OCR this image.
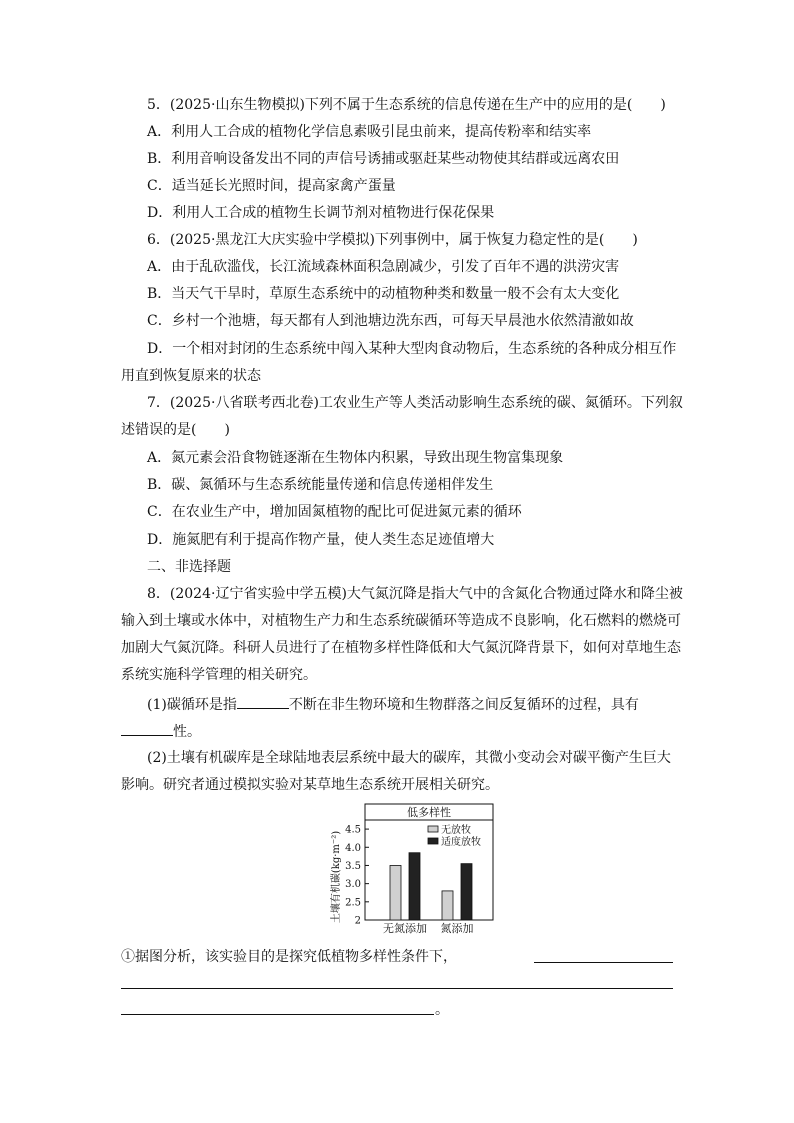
5．(2025·山东生物模拟)下列不属于生态系统的信息传递在生产中的应用的是(　　)
A．利用人工合成的植物化学信息素吸引昆虫前来，提高传粉率和结实率
B．利用音响设备发出不同的声信号诱捕或驱赶某些动物使其结群或远离农田
C．适当延长光照时间，提高家禽产蛋量
D．利用人工合成的植物生长调节剂对植物进行保花保果
6．(2025·黑龙江大庆实验中学模拟)下列事例中，属于恢复力稳定性的是(　　)
A．由于乱砍滥伐，长江流域森林面积急剧减少，引发了百年不遇的洪涝灾害
B．当天气干旱时，草原生态系统中的动植物种类和数量一般不会有太大变化
C．乡村一个池塘，每天都有人到池塘边洗东西，可每天早晨池水依然清澈如故
D．一个相对封闭的生态系统中闯入某种大型肉食动物后，生态系统的各种成分相互作
用直到恢复原来的状态
7．(2025·八省联考西北卷)工农业生产等人类活动影响生态系统的碳、氮循环。下列叙
述错误的是(　　)
A．氮元素会沿食物链逐渐在生物体内积累，导致出现生物富集现象
B．碳、氮循环与生态系统能量传递和信息传递相伴发生
C．在农业生产中，增加固氮植物的配比可促进氮元素的循环
D．施氮肥有利于提高作物产量，使人类生态足迹值增大
二、非选择题
8．(2024·辽宁省实验中学五模)大气氮沉降是指大气中的含氮化合物通过降水和降尘被
输入到土壤或水体中，对植物生产力和生态系统碳循环等造成不良影响，化石燃料的燃烧可
加剧大气氮沉降。科研人员进行了在植物多样性降低和大气氮沉降背景下，如何对草地生态
系统实施科学管理的相关研究。
(1)碳循环是指	不断在非生物环境和生物群落之间反复循环的过程，具有
性。
(2)土壤有机碳库是全球陆地表层系统中最大的碳库，其微小变动会对碳平衡产生巨大
影响。研究者通过模拟实验对某草地生态系统开展相关研究。
低多样性
土壤有机碳(kg·m⁻²) 2
2.5
3.0
3.5
4.0
4.5
无氮添加 氮添加
无放牧
适度放牧
①据图分析，该实验目的是探究低植物多样性条件下，
。
